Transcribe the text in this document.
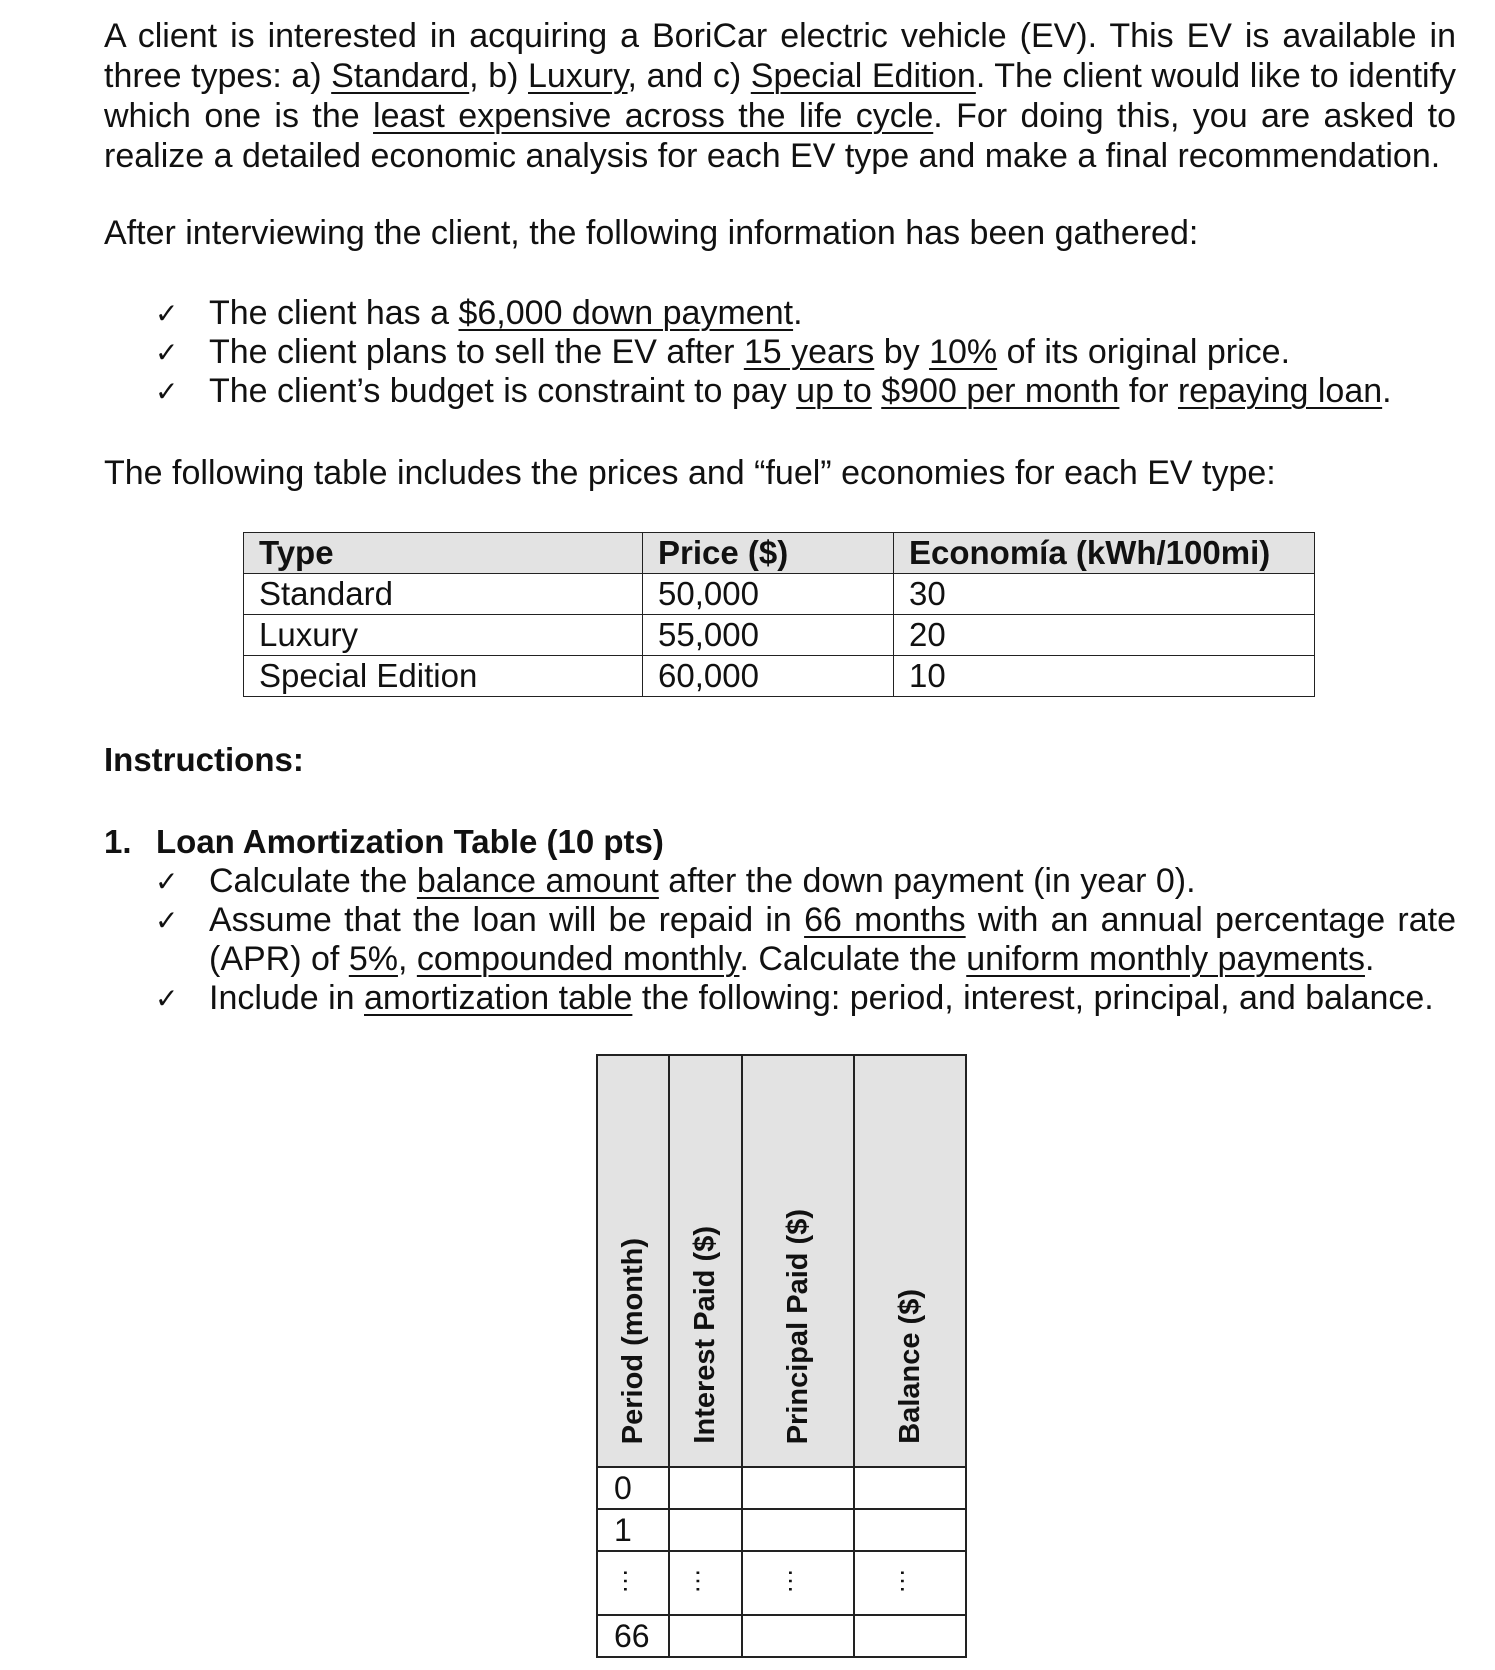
A client is interested in acquiring a BoriCar electric vehicle (EV). This EV is available in
three types: a) Standard, b) Luxury, and c) Special Edition. The client would like to identify
which one is the least expensive across the life cycle. For doing this, you are asked to
realize a detailed economic analysis for each EV type and make a final recommendation.

After interviewing the client, the following information has been gathered:

✓ The client has a $6,000 down payment.
✓ The client plans to sell the EV after 15 years by 10% of its original price.
✓ The client’s budget is constraint to pay up to $900 per month for repaying loan.

The following table includes the prices and “fuel” economies for each EV type:

Type	Price ($)	Economía (kWh/100mi)
Standard	50,000	30
Luxury	55,000	20
Special Edition	60,000	10

Instructions:

1. Loan Amortization Table (10 pts)

✓ Calculate the balance amount after the down payment (in year 0).
✓ Assume that the loan will be repaid in 66 months with an annual percentage rate
(APR) of 5%, compounded monthly. Calculate the uniform monthly payments.
✓ Include in amortization table the following: period, interest, principal, and balance.
Period (month)	Interest Paid ($)	Principal Paid ($)	Balance ($)
0			
1			
…	…	…	…
66			
